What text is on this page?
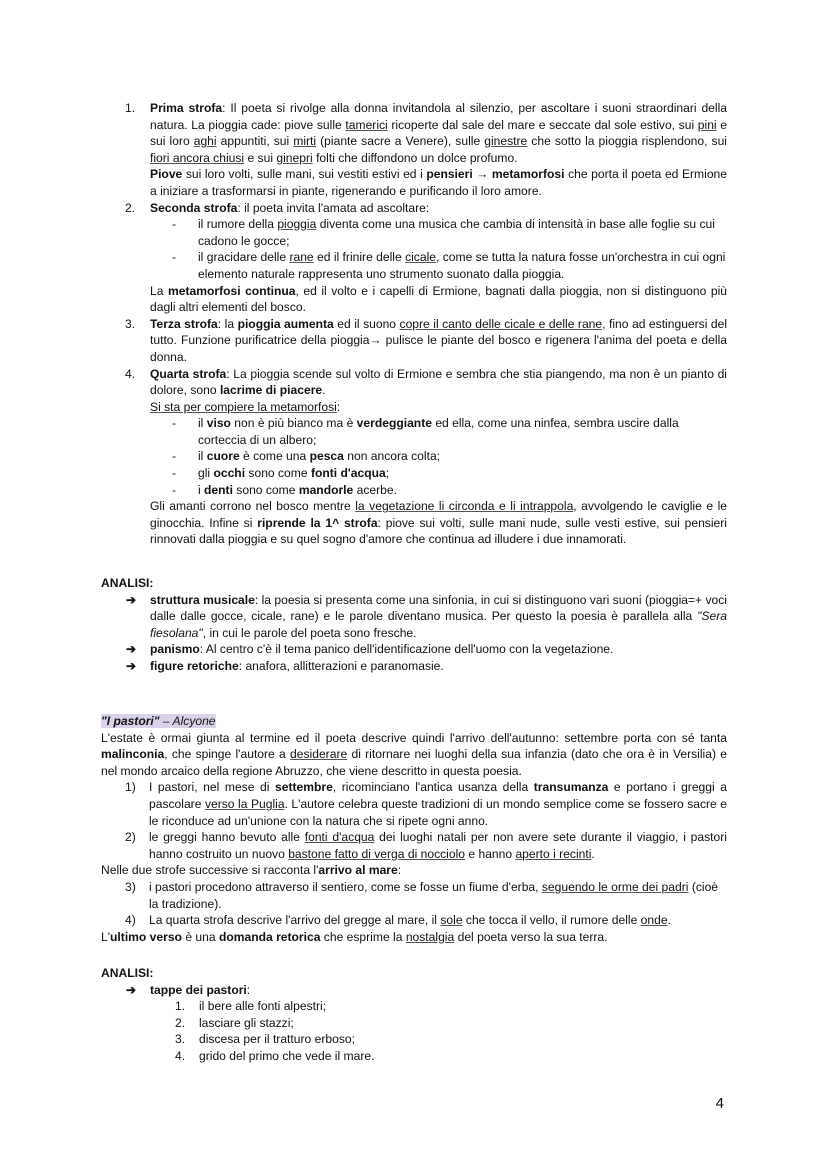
1.	Prima strofa: Il poeta si rivolge alla donna invitandola al silenzio, per ascoltare i suoni straordinari della natura. La pioggia cade: piove sulle tamerici ricoperte dal sale del mare e seccate dal sole estivo, sui pini e sui loro aghi appuntiti, sui mirti (piante sacre a Venere), sulle ginestre che sotto la pioggia risplendono, sui fiori ancora chiusi e sui ginepri folti che diffondono un dolce profumo.

Piove sui loro volti, sulle mani, sui vestiti estivi ed i pensieri → metamorfosi che porta il poeta ed Ermione a iniziare a trasformarsi in piante, rigenerando e purificando il loro amore.

2.	Seconda strofa: il poeta invita l'amata ad ascoltare:

-	il rumore della pioggia diventa come una musica che cambia di intensità in base alle foglie su cui cadono le gocce;

-	il gracidare delle rane ed il frinire delle cicale, come se tutta la natura fosse un'orchestra in cui ogni elemento naturale rappresenta uno strumento suonato dalla pioggia.

La metamorfosi continua, ed il volto e i capelli di Ermione, bagnati dalla pioggia, non si distinguono più dagli altri elementi del bosco.

3.	Terza strofa: la pioggia aumenta ed il suono copre il canto delle cicale e delle rane, fino ad estinguersi del tutto. Funzione purificatrice della pioggia→ pulisce le piante del bosco e rigenera l'anima del poeta e della donna.

4.	Quarta strofa: La pioggia scende sul volto di Ermione e sembra che stia piangendo, ma non è un pianto di dolore, sono lacrime di piacere.

Si sta per compiere la metamorfosi:

-	il viso non è più bianco ma è verdeggiante ed ella, come una ninfea, sembra uscire dalla corteccia di un albero;

-	il cuore è come una pesca non ancora colta;

-	gli occhi sono come fonti d'acqua;

-	i denti sono come mandorle acerbe.

Gli amanti corrono nel bosco mentre la vegetazione li circonda e li intrappola, avvolgendo le caviglie e le ginocchia. Infine si riprende la 1^ strofa: piove sui volti, sulle mani nude, sulle vesti estive, sui pensieri rinnovati dalla pioggia e su quel sogno d'amore che continua ad illudere i due innamorati.

ANALISI:

➔	struttura musicale: la poesia si presenta come una sinfonia, in cui si distinguono vari suoni (pioggia=+ voci dalle dalle gocce, cicale, rane) e le parole diventano musica. Per questo la poesia è parallela alla "Sera fiesolana", in cui le parole del poeta sono fresche.

➔	panismo: Al centro c'è il tema panico dell'identificazione dell'uomo con la vegetazione.

➔	figure retoriche: anafora, allitterazioni e paranomasie.

"I pastori" – Alcyone

L'estate è ormai giunta al termine ed il poeta descrive quindi l'arrivo dell'autunno: settembre porta con sé tanta malinconia, che spinge l'autore a desiderare di ritornare nei luoghi della sua infanzia (dato che ora è in Versilia) e nel mondo arcaico della regione Abruzzo, che viene descritto in questa poesia.

1)	I pastori, nel mese di settembre, ricominciano l'antica usanza della transumanza e portano i greggi a pascolare verso la Puglia. L'autore celebra queste tradizioni di un mondo semplice come se fossero sacre e le riconduce ad un'unione con la natura che si ripete ogni anno.

2)	le greggi hanno bevuto alle fonti d'acqua dei luoghi natali per non avere sete durante il viaggio, i pastori hanno costruito un nuovo bastone fatto di verga di nocciolo e hanno aperto i recinti.

Nelle due strofe successive si racconta l'arrivo al mare:

3)	i pastori procedono attraverso il sentiero, come se fosse un fiume d'erba, seguendo le orme dei padri (cioè la tradizione).

4)	La quarta strofa descrive l'arrivo del gregge al mare, il sole che tocca il vello, il rumore delle onde.

L'ultimo verso è una domanda retorica che esprime la nostalgia del poeta verso la sua terra.

ANALISI:

➔	tappe dei pastori:

1.	il bere alle fonti alpestri;

2.	lasciare gli stazzi;

3.	discesa per il tratturo erboso;

4.	grido del primo che vede il mare.

4
